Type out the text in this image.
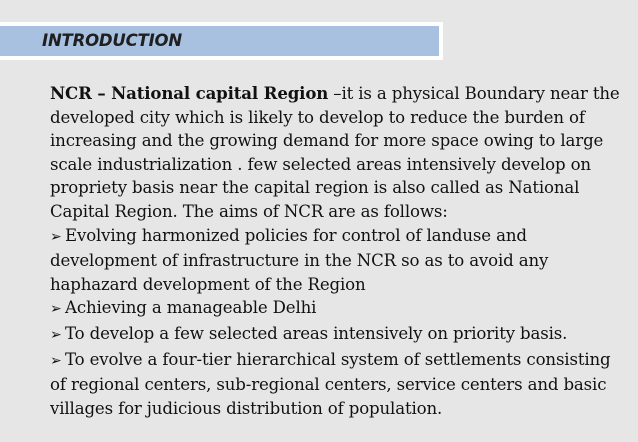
INTRODUCTION

NCR – National capital Region –it is a physical Boundary near the developed city which is likely to develop to reduce the burden of increasing and the growing demand for more space owing to large scale industrialization . few selected areas intensively develop on propriety basis near the capital region is also called as National Capital Region. The aims of NCR are as follows:

➢ Evolving harmonized policies for control of landuse and development of infrastructure in the NCR so as to avoid any haphazard development of the Region

➢ Achieving a manageable Delhi

➢ To develop a few selected areas intensively on priority basis.

➢ To evolve a four-tier hierarchical system of settlements consisting of regional centers, sub-regional centers, service centers and basic villages for judicious distribution of population.
